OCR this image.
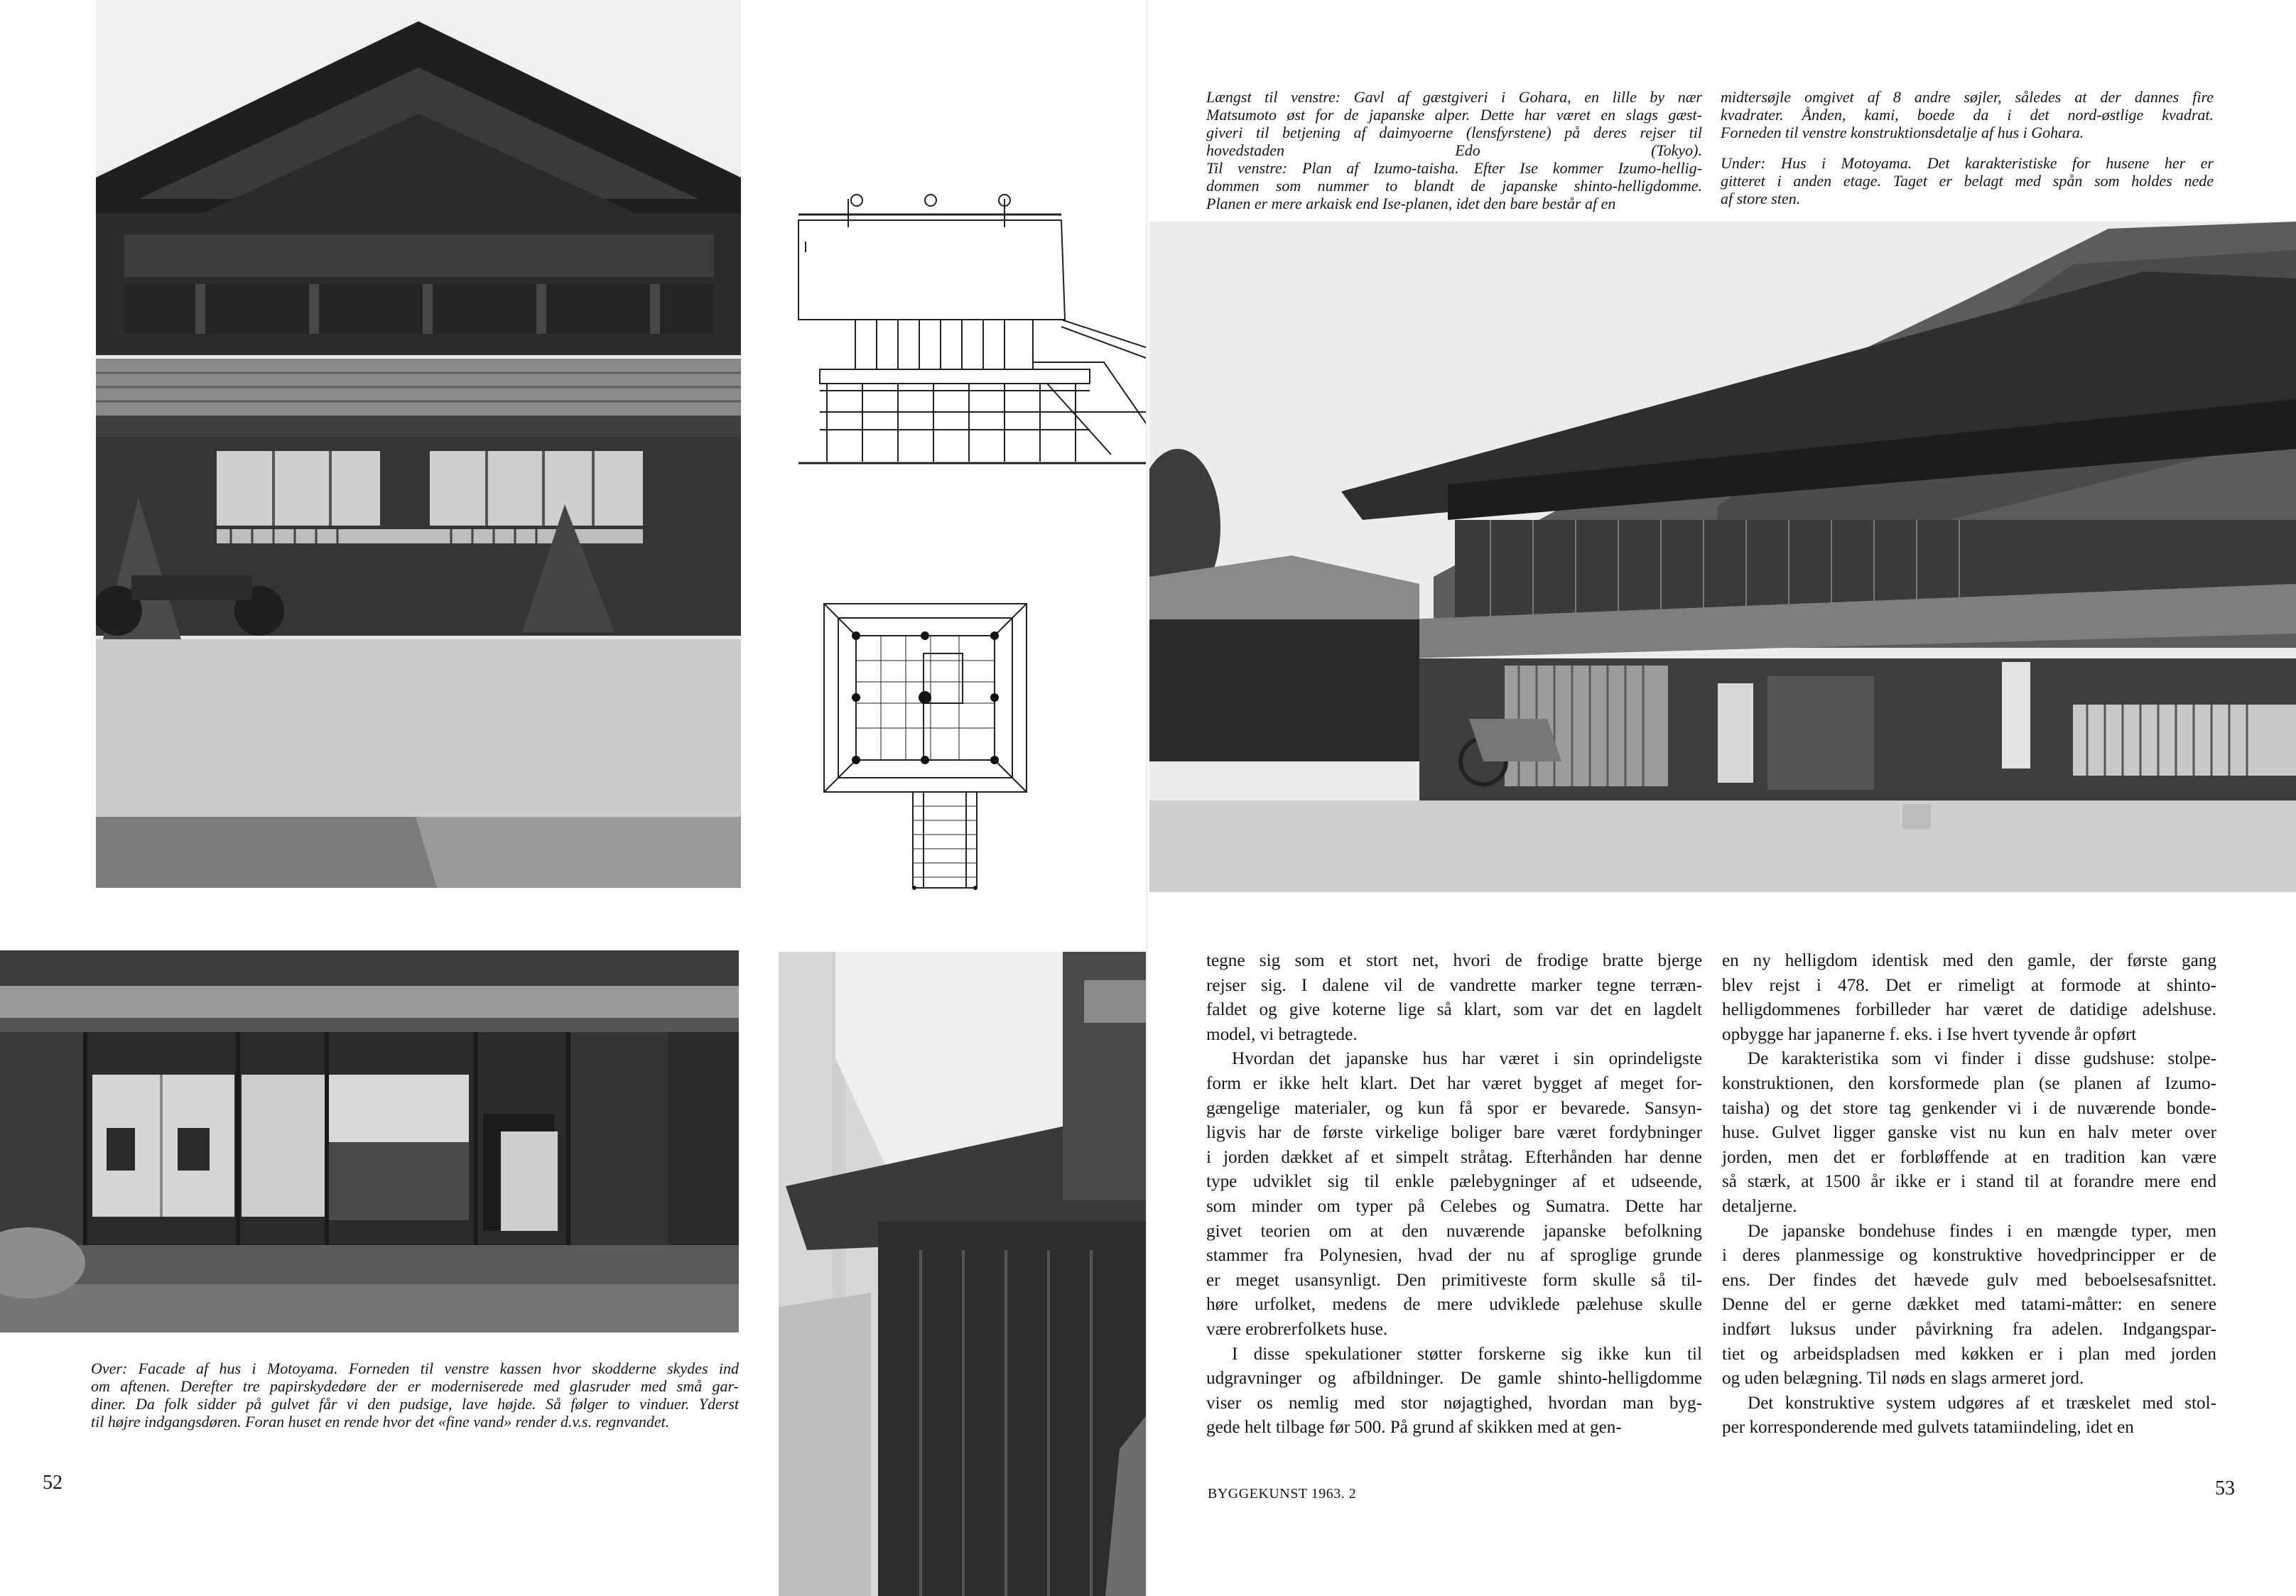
Over: Facade af hus i Motoyama. Forneden til venstre kassen hvor skodderne skydes ind
om aftenen. Derefter tre papirskydedøre der er moderniserede med glasruder med små gar-
diner. Da folk sidder på gulvet får vi den pudsige, lave højde. Så følger to vinduer. Yderst
til højre indgangsdøren. Foran huset en rende hvor det «fine vand» render d.v.s. regnvandet.
52
Længst til venstre: Gavl af gæstgiveri i Gohara, en lille by nær
Matsumoto øst for de japanske alper. Dette har været en slags gæst-
giveri til betjening af daimyoerne (lensfyrstene) på deres rejser til
hovedstaden Edo (Tokyo).
Til venstre: Plan af Izumo-taisha. Efter Ise kommer Izumo-hellig-
dommen som nummer to blandt de japanske shinto-helligdomme.
Planen er mere arkaisk end Ise-planen, idet den bare består af en
midtersøjle omgivet af 8 andre søjler, således at der dannes fire
kvadrater. Ånden, kami, boede da i det nord-østlige kvadrat.
Forneden til venstre konstruktionsdetalje af hus i Gohara.
Under: Hus i Motoyama. Det karakteristiske for husene her er
gitteret i anden etage. Taget er belagt med spån som holdes nede
af store sten.
tegne sig som et stort net, hvori de frodige bratte bjerge
rejser sig. I dalene vil de vandrette marker tegne terræn-
faldet og give koterne lige så klart, som var det en lagdelt
model, vi betragtede.
Hvordan det japanske hus har været i sin oprindeligste
form er ikke helt klart. Det har været bygget af meget for-
gængelige materialer, og kun få spor er bevarede. Sansyn-
ligvis har de første virkelige boliger bare været fordybninger
i jorden dækket af et simpelt stråtag. Efterhånden har denne
type udviklet sig til enkle pælebygninger af et udseende,
som minder om typer på Celebes og Sumatra. Dette har
givet teorien om at den nuværende japanske befolkning
stammer fra Polynesien, hvad der nu af sproglige grunde
er meget usansynligt. Den primitiveste form skulle så til-
høre urfolket, medens de mere udviklede pælehuse skulle
være erobrerfolkets huse.
I disse spekulationer støtter forskerne sig ikke kun til
udgravninger og afbildninger. De gamle shinto-helligdomme
viser os nemlig med stor nøjagtighed, hvordan man byg-
gede helt tilbage før 500. På grund af skikken med at gen-
en ny helligdom identisk med den gamle, der første gang
blev rejst i 478. Det er rimeligt at formode at shinto-
helligdommenes forbilleder har været de datidige adelshuse.
opbygge har japanerne f. eks. i Ise hvert tyvende år opført
De karakteristika som vi finder i disse gudshuse: stolpe-
konstruktionen, den korsformede plan (se planen af Izumo-
taisha) og det store tag genkender vi i de nuværende bonde-
huse. Gulvet ligger ganske vist nu kun en halv meter over
jorden, men det er forbløffende at en tradition kan være
så stærk, at 1500 år ikke er i stand til at forandre mere end
detaljerne.
De japanske bondehuse findes i en mængde typer, men
i deres planmessige og konstruktive hovedprincipper er de
ens. Der findes det hævede gulv med beboelsesafsnittet.
Denne del er gerne dækket med tatami-måtter: en senere
indført luksus under påvirkning fra adelen. Indgangspar-
tiet og arbeidspladsen med køkken er i plan med jorden
og uden belægning. Til nøds en slags armeret jord.
Det konstruktive system udgøres af et træskelet med stol-
per korresponderende med gulvets tatamiindeling, idet en
BYGGEKUNST 1963. 2	53
